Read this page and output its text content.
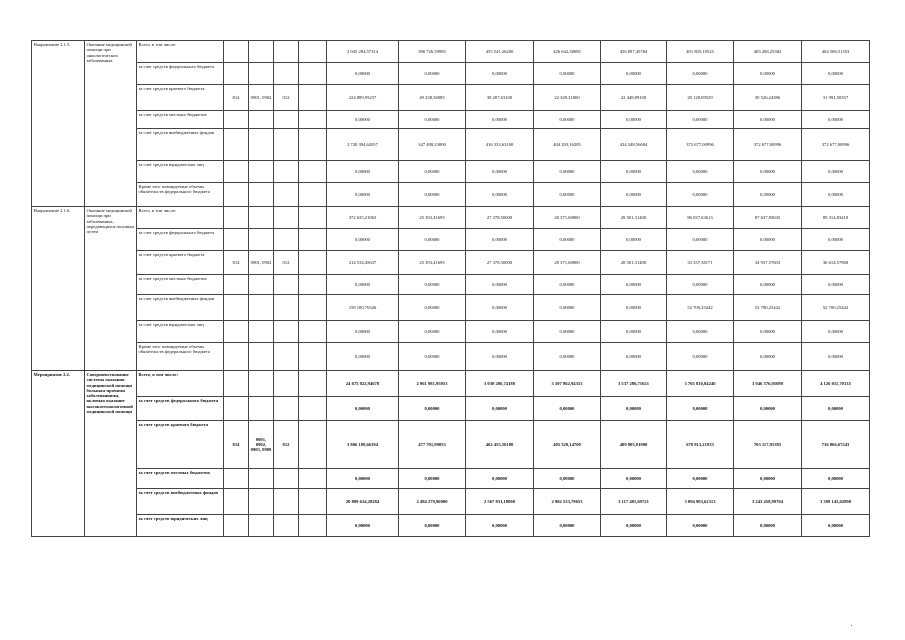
Направление 2.1.5.	Оказание медицинской помощи при онкологических заболеваниях	Всего, в том числе:					2 945 284,57314	396 726,59985	455 541,26200	426 642,38085	456 897,45784	401 805,10525	403 208,25382	404 568,51353
		за счет средств федерального бюджета					0,00000	0,00000	0,00000	0,00000	0,00000	0,00000	0,00000	0,00000
		за счет средств краевого бюджета	814	0901, 0902	012		224 889,95257	49 238,36985	39 207,63100	22 349,21800	22 448,89100	29 128,09529	30 526,24386	31 991,50357
		за счет средств местных бюджетов					0,00000	0,00000	0,00000	0,00000	0,00000	0,00000	0,00000	0,00000
		за счет средств внебюджетных фондов					2 720 394,62057	347 488,23000	416 333,63100	404 293,16285	434 248,56684	372 677,00996	372 677,00996	372 677,00996
		за счет средств юридических лиц					0,00000	0,00000	0,00000	0,00000	0,00000	0,00000	0,00000	0,00000
		Кроме того планируемые объемы обязательств федерального бюджета					0,00000	0,00000	0,00000	0,00000	0,00000	0,00000	0,00000	0,00000
Направление 2.1.6.	Оказание медицинской помощи при заболеваниях, передающихся половым путем	Всего, в том числе:					372 635,21963	25 393,41695	27 378,50000	28 371,68800	28 501,31400	86 037,63613	87 637,83045	89 314,83410
		за счет средств федерального бюджета					0,00000	0,00000	0,00000	0,00000	0,00000	0,00000	0,00000	0,00000
		за счет средств краевого бюджета	814	0901, 0902	012		214 534,45637	25 393,41695	27 378,50000	28 371,68800	28 501,31400	33 337,38171	34 937,57603	36 614,57968
		за счет средств местных бюджетов					0,00000	0,00000	0,00000	0,00000	0,00000	0,00000	0,00000	0,00000
		за счет средств внебюджетных фондов					158 100,76326	0,00000	0,00000	0,00000	0,00000	52 700,25442	52 700,25442	52 700,25442
		за счет средств юридических лиц					0,00000	0,00000	0,00000	0,00000	0,00000	0,00000	0,00000	0,00000
		Кроме того планируемые объемы обязательств федерального бюджета					0,00000	0,00000	0,00000	0,00000	0,00000	0,00000	0,00000	0,00000
Мероприятие 2.2.	Совершенствование системы оказания медицинской помощи больным прочими заболеваниями, включая оказание высокотехнологичной медицинской помощи	Всего, в том числе:					24 675 822,94678	2 961 981,95053	3 030 286,74180	3 307 862,94353	3 537 286,71621	3 765 816,84246	3 946 576,05089	4 126 011,70135
		за счет средств федерального бюджета					0,00000	0,00000	0,00000	0,00000	0,00000	0,00000	0,00000	0,00000
		за счет средств краевого бюджета	814	0901, 0902, 0903, 0909	012		3 866 188,66394	477 701,99053	462 455,56180	405 329,14700	409 805,01900	670 913,21933	703 117,05385	736 866,67243
		за счет средств местных бюджетов					0,00000	0,00000	0,00000	0,00000	0,00000	0,00000	0,00000	0,00000
		за счет средств внебюджетных фондов					20 809 634,28284	2 484 279,96000	2 567 831,18000	2 902 533,79653	3 117 481,69721	3 094 903,62313	3 243 458,99704	3 399 145,02890
		за счет средств юридических лиц					0,00000	0,00000	0,00000	0,00000	0,00000	0,00000	0,00000	0,00000
